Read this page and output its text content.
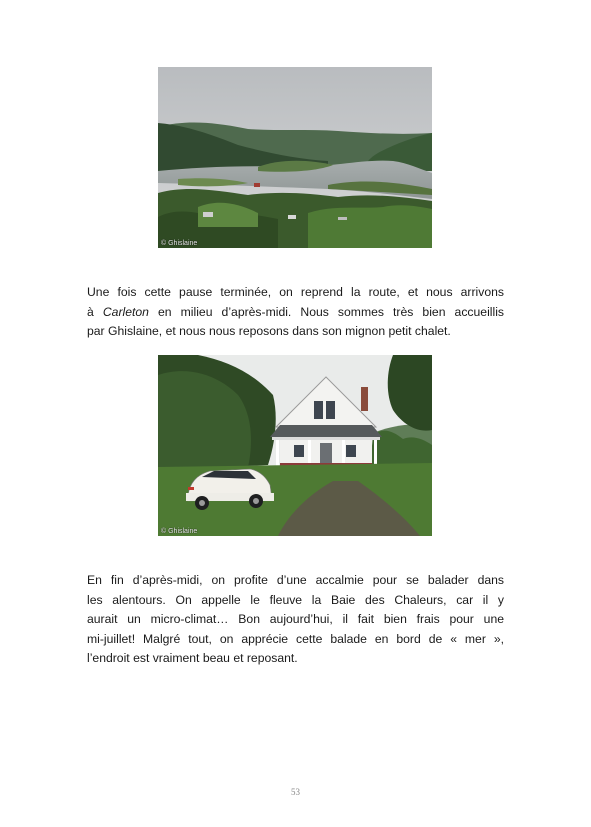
© Ghislaine
Une fois cette pause terminée, on reprend la route, et nous arrivons
à Carleton en milieu d’après-midi. Nous sommes très bien accueillis
par Ghislaine, et nous nous reposons dans son mignon petit chalet.
© Ghislaine
En fin d’après-midi, on profite d’une accalmie pour se balader dans
les alentours. On appelle le fleuve la Baie des Chaleurs, car il y
aurait un micro-climat… Bon aujourd’hui, il fait bien frais pour une
mi-juillet! Malgré tout, on apprécie cette balade en bord de « mer »,
l’endroit est vraiment beau et reposant.
53
